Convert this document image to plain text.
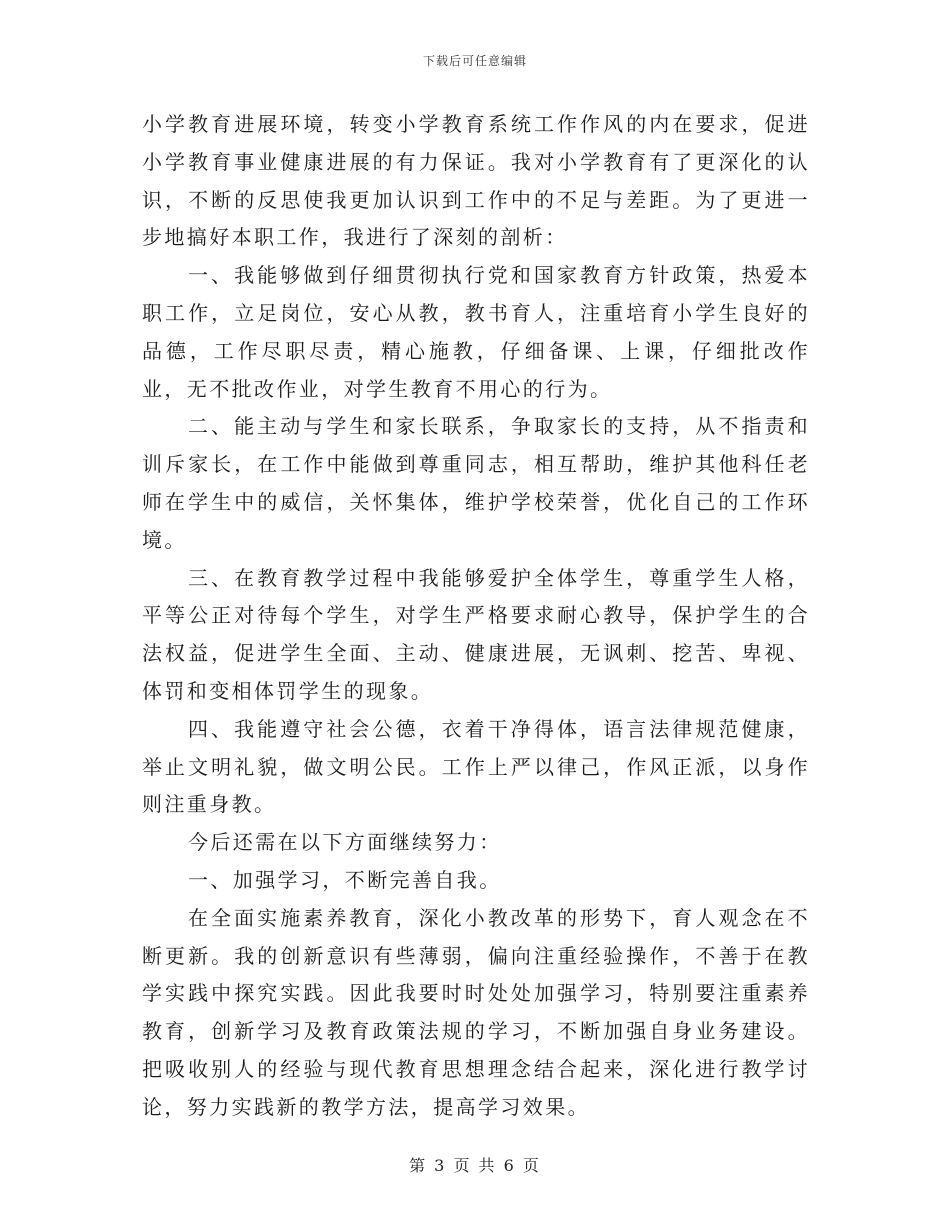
下载后可任意编辑

小学教育进展环境，转变小学教育系统工作作风的内在要求，促进小学教育事业健康进展的有力保证。我对小学教育有了更深化的认识，不断的反思使我更加认识到工作中的不足与差距。为了更进一步地搞好本职工作，我进行了深刻的剖析：

一、我能够做到仔细贯彻执行党和国家教育方针政策，热爱本职工作，立足岗位，安心从教，教书育人，注重培育小学生良好的品德，工作尽职尽责，精心施教，仔细备课、上课，仔细批改作业，无不批改作业，对学生教育不用心的行为。

二、能主动与学生和家长联系，争取家长的支持，从不指责和训斥家长，在工作中能做到尊重同志，相互帮助，维护其他科任老师在学生中的威信，关怀集体，维护学校荣誉，优化自己的工作环境。

三、在教育教学过程中我能够爱护全体学生，尊重学生人格，平等公正对待每个学生，对学生严格要求耐心教导，保护学生的合法权益，促进学生全面、主动、健康进展，无讽刺、挖苦、卑视、体罚和变相体罚学生的现象。

四、我能遵守社会公德，衣着干净得体，语言法律规范健康，举止文明礼貌，做文明公民。工作上严以律己，作风正派，以身作则注重身教。

今后还需在以下方面继续努力：

一、加强学习，不断完善自我。

在全面实施素养教育，深化小教改革的形势下，育人观念在不断更新。我的创新意识有些薄弱，偏向注重经验操作，不善于在教学实践中探究实践。因此我要时时处处加强学习，特别要注重素养教育，创新学习及教育政策法规的学习，不断加强自身业务建设。把吸收别人的经验与现代教育思想理念结合起来，深化进行教学讨论，努力实践新的教学方法，提高学习效果。

第 3 页 共 6 页
